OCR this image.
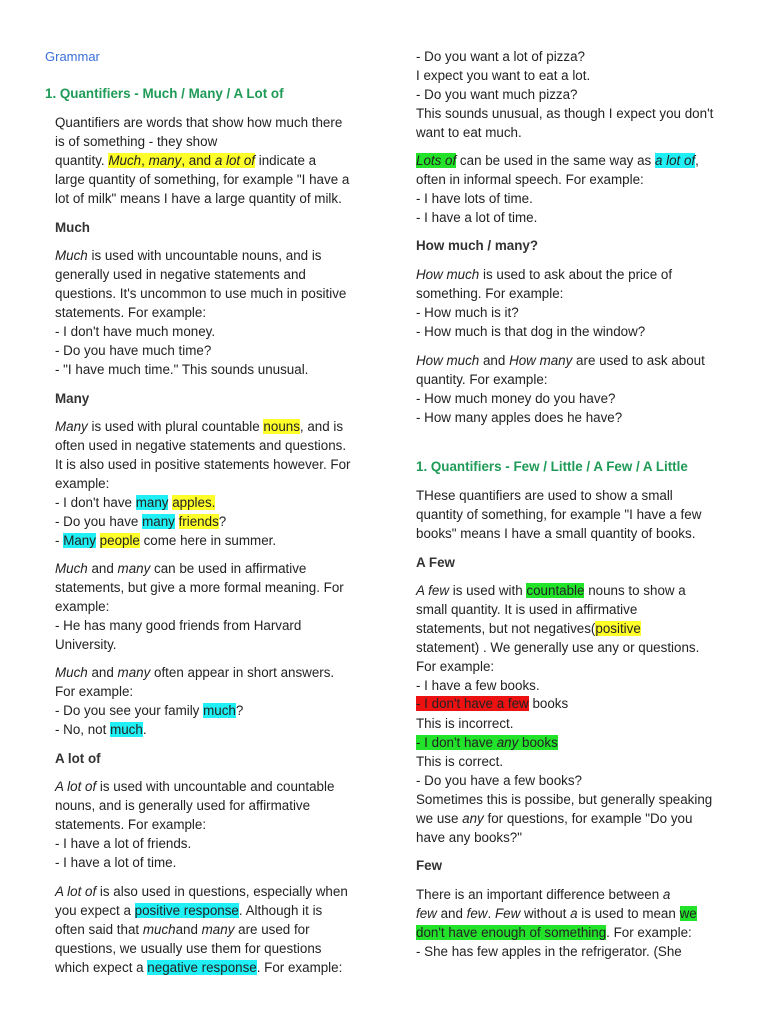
Grammar
1. Quantifiers - Much / Many / A Lot of
Quantifiers are words that show how much there
is of something - they show
quantity. Much, many, and a lot of indicate a
large quantity of something, for example "I have a
lot of milk" means I have a large quantity of milk.
Much
Much is used with uncountable nouns, and is
generally used in negative statements and
questions. It's uncommon to use much in positive
statements. For example:
- I don't have much money.
- Do you have much time?
- "I have much time." This sounds unusual.
Many
Many is used with plural countable nouns, and is
often used in negative statements and questions.
It is also used in positive statements however. For
example:
- I don't have many apples.
- Do you have many friends?
- Many people come here in summer.
Much and many can be used in affirmative
statements, but give a more formal meaning. For
example:
- He has many good friends from Harvard
University.
Much and many often appear in short answers.
For example:
- Do you see your family much?
- No, not much.
A lot of
A lot of is used with uncountable and countable
nouns, and is generally used for affirmative
statements. For example:
- I have a lot of friends.
- I have a lot of time.
A lot of is also used in questions, especially when
you expect a positive response. Although it is
often said that muchand many are used for
questions, we usually use them for questions
which expect a negative response. For example:
- Do you want a lot of pizza?
I expect you want to eat a lot.
- Do you want much pizza?
This sounds unusual, as though I expect you don't
want to eat much.
Lots of can be used in the same way as a lot of,
often in informal speech. For example:
- I have lots of time.
- I have a lot of time.
How much / many?
How much is used to ask about the price of
something. For example:
- How much is it?
- How much is that dog in the window?
How much and How many are used to ask about
quantity. For example:
- How much money do you have?
- How many apples does he have?
1. Quantifiers - Few / Little / A Few / A Little
THese quantifiers are used to show a small
quantity of something, for example "I have a few
books" means I have a small quantity of books.
A Few
A few is used with countable nouns to show a
small quantity. It is used in affirmative
statements, but not negatives(positive
statement) . We generally use any or questions.
For example:
- I have a few books.
- I don't have a few books
This is incorrect.
- I don't have any books
This is correct.
- Do you have a few books?
Sometimes this is possibe, but generally speaking
we use any for questions, for example "Do you
have any books?"
Few
There is an important difference between a
few and few. Few without a is used to mean we
don't have enough of something. For example:
- She has few apples in the refrigerator. (She
